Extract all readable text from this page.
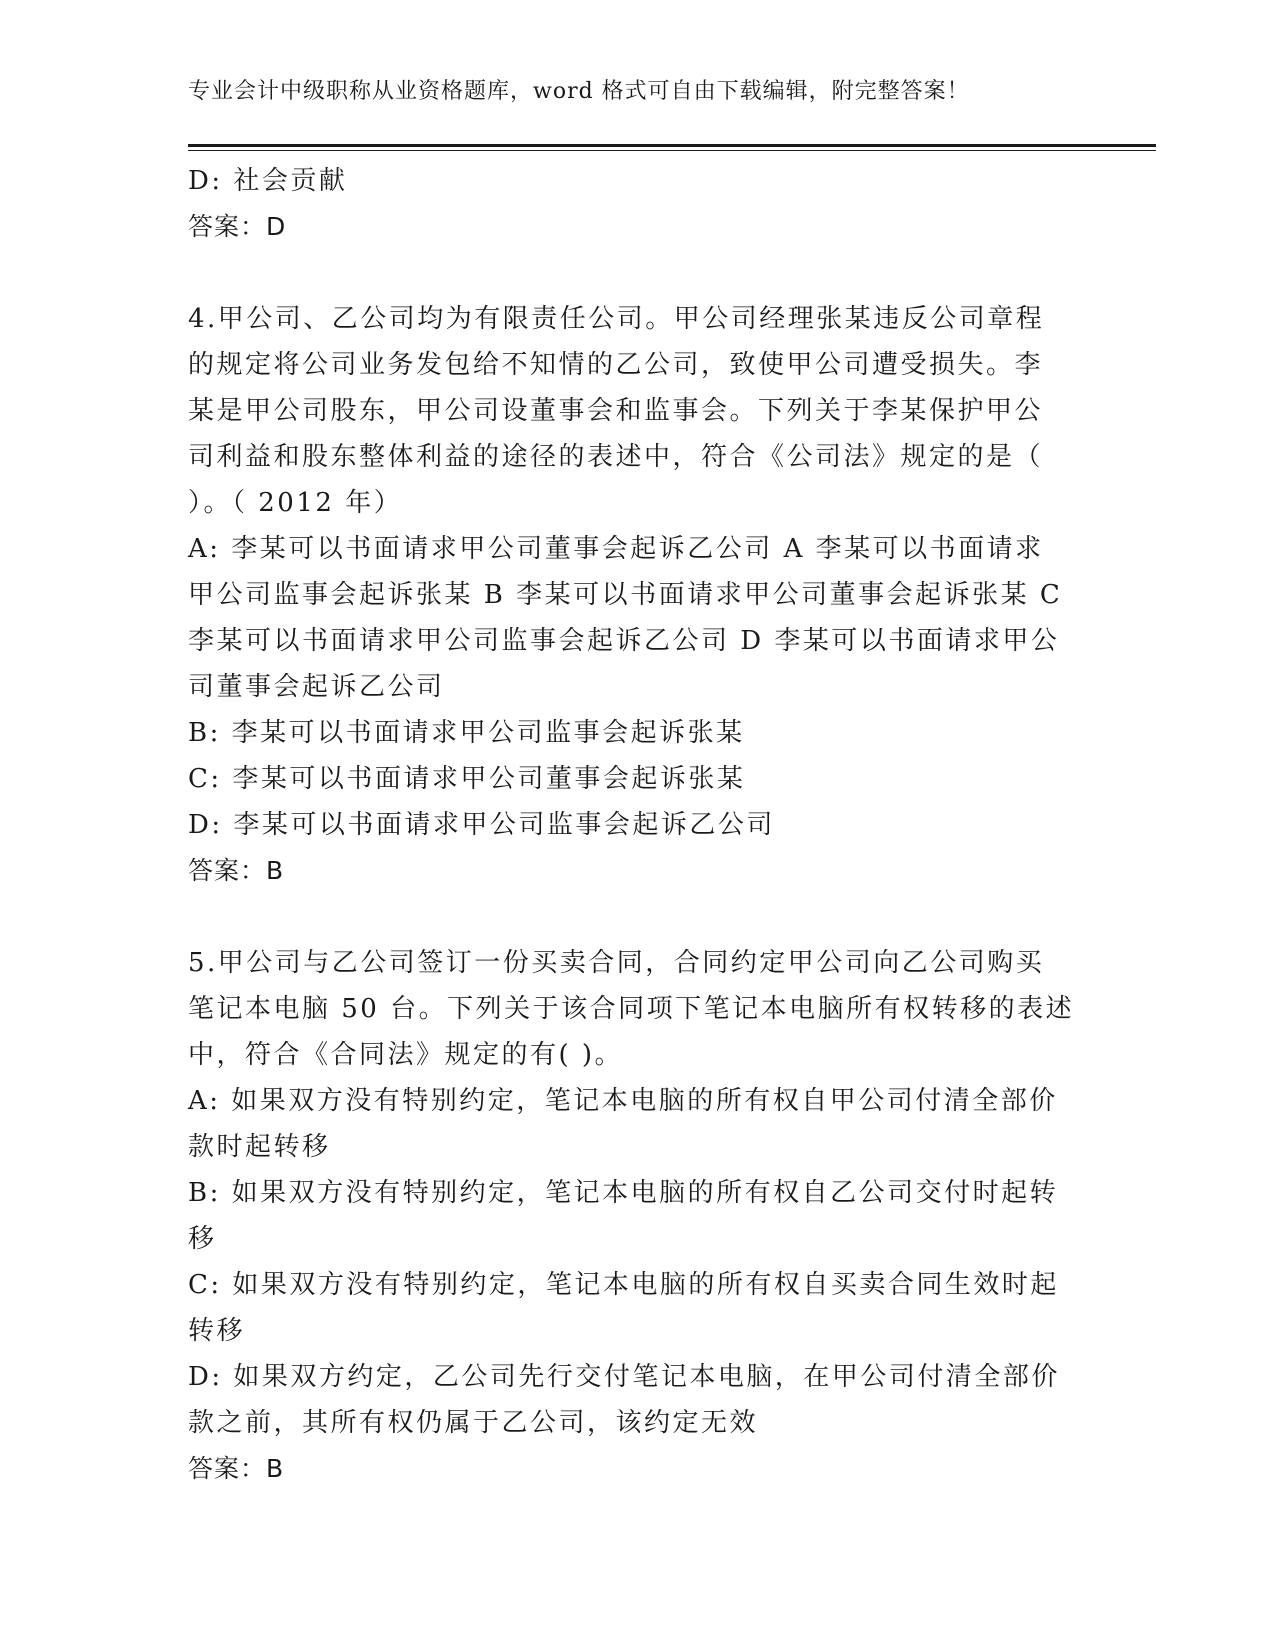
专业会计中级职称从业资格题库，word 格式可自由下载编辑，附完整答案！
D: 社会贡献
答案：D
4.甲公司、乙公司均为有限责任公司。甲公司经理张某违反公司章程
的规定将公司业务发包给不知情的乙公司，致使甲公司遭受损失。李
某是甲公司股东，甲公司设董事会和监事会。下列关于李某保护甲公
司利益和股东整体利益的途径的表述中，符合《公司法》规定的是（
）。（ 2012 年）
A: 李某可以书面请求甲公司董事会起诉乙公司 A 李某可以书面请求
甲公司监事会起诉张某 B 李某可以书面请求甲公司董事会起诉张某 C
李某可以书面请求甲公司监事会起诉乙公司 D 李某可以书面请求甲公
司董事会起诉乙公司
B: 李某可以书面请求甲公司监事会起诉张某
C: 李某可以书面请求甲公司董事会起诉张某
D: 李某可以书面请求甲公司监事会起诉乙公司
答案：B
5.甲公司与乙公司签订一份买卖合同，合同约定甲公司向乙公司购买
笔记本电脑 50 台。下列关于该合同项下笔记本电脑所有权转移的表述
中，符合《合同法》规定的有( )。
A: 如果双方没有特别约定，笔记本电脑的所有权自甲公司付清全部价
款时起转移
B: 如果双方没有特别约定，笔记本电脑的所有权自乙公司交付时起转
移
C: 如果双方没有特别约定，笔记本电脑的所有权自买卖合同生效时起
转移
D: 如果双方约定，乙公司先行交付笔记本电脑，在甲公司付清全部价
款之前，其所有权仍属于乙公司，该约定无效
答案：B
